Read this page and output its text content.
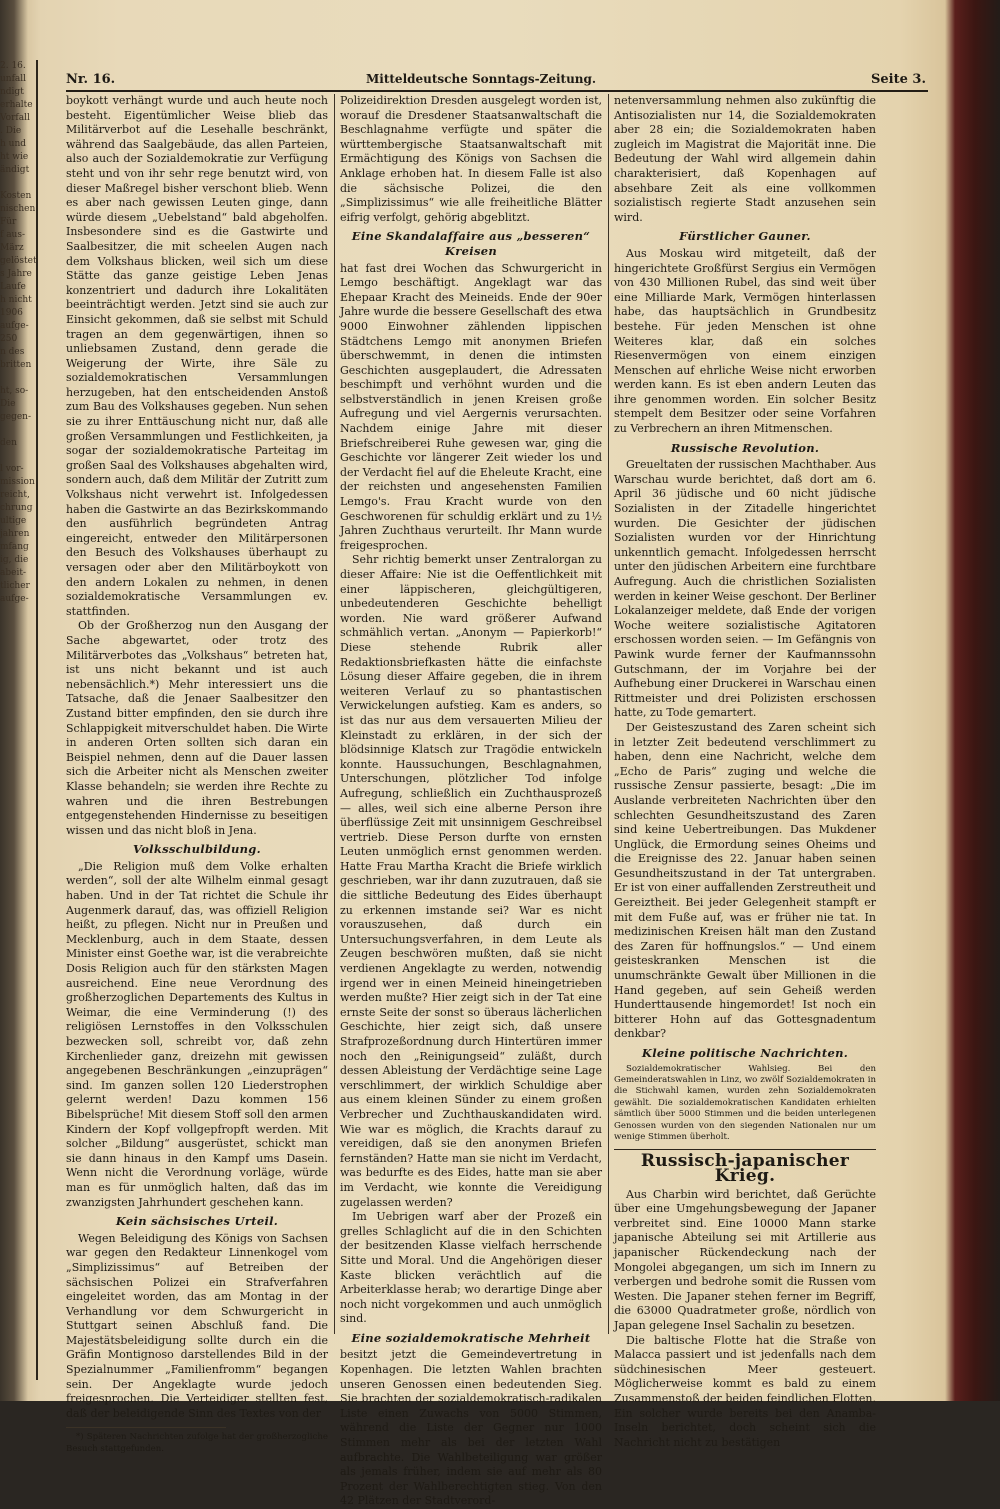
2. 16.
unfall
ndigt
erhalte
Vorfall
. Die
h und
ht wie
ändigt

Kosten
nischen
Für
f aus-
März
gelöstet
s Jahre
Laufe
h nicht
1906
aufge-
250
n des
britten

ht, so-
Die
gegen-

den

l vor-
mission
reicht,
chrung
ultige
jahren
mfang
ig, die
abeit-
tlicher
aufge-
Nr. 16.	Mitteldeutsche Sonntags-Zeitung.	Seite 3.

boykott verhängt wurde und auch heute noch besteht. Eigentümlicher Weise blieb das Militärverbot auf die Lesehalle beschränkt, während das Saalgebäude, das allen Parteien, also auch der Sozialdemokratie zur Verfügung steht und von ihr sehr rege benutzt wird, von dieser Maßregel bisher verschont blieb. Wenn es aber nach gewissen Leuten ginge, dann würde diesem „Uebelstand“ bald abgeholfen. Insbesondere sind es die Gastwirte und Saalbesitzer, die mit scheelen Augen nach dem Volkshaus blicken, weil sich um diese Stätte das ganze geistige Leben Jenas konzentriert und dadurch ihre Lokalitäten beeinträchtigt werden. Jetzt sind sie auch zur Einsicht gekommen, daß sie selbst mit Schuld tragen an dem gegenwärtigen, ihnen so unliebsamen Zustand, denn gerade die Weigerung der Wirte, ihre Säle zu sozialdemokratischen Versammlungen herzugeben, hat den entscheidenden Anstoß zum Bau des Volkshauses gegeben. Nun sehen sie zu ihrer Enttäuschung nicht nur, daß alle großen Versammlungen und Festlichkeiten, ja sogar der sozialdemokratische Parteitag im großen Saal des Volkshauses abgehalten wird, sondern auch, daß dem Militär der Zutritt zum Volkshaus nicht verwehrt ist. Infolgedessen haben die Gastwirte an das Bezirkskommando den ausführlich begründeten Antrag eingereicht, entweder den Militärpersonen den Besuch des Volkshauses überhaupt zu versagen oder aber den Militärboykott von den andern Lokalen zu nehmen, in denen sozialdemokratische Versammlungen ev. stattfinden.

Ob der Großherzog nun den Ausgang der Sache abgewartet, oder trotz des Militärverbotes das „Volkshaus“ betreten hat, ist uns nicht bekannt und ist auch nebensächlich.*) Mehr interessiert uns die Tatsache, daß die Jenaer Saalbesitzer den Zustand bitter empfinden, den sie durch ihre Schlappigkeit mitverschuldet haben. Die Wirte in anderen Orten sollten sich daran ein Beispiel nehmen, denn auf die Dauer lassen sich die Arbeiter nicht als Menschen zweiter Klasse behandeln; sie werden ihre Rechte zu wahren und die ihren Bestrebungen entgegenstehenden Hindernisse zu beseitigen wissen und das nicht bloß in Jena.

Volksschulbildung.

„Die Religion muß dem Volke erhalten werden“, soll der alte Wilhelm einmal gesagt haben. Und in der Tat richtet die Schule ihr Augenmerk darauf, das, was offiziell Religion heißt, zu pflegen. Nicht nur in Preußen und Mecklenburg, auch in dem Staate, dessen Minister einst Goethe war, ist die verabreichte Dosis Religion auch für den stärksten Magen ausreichend. Eine neue Verordnung des großherzoglichen Departements des Kultus in Weimar, die eine Verminderung (!) des religiösen Lernstoffes in den Volksschulen bezwecken soll, schreibt vor, daß zehn Kirchenlieder ganz, dreizehn mit gewissen angegebenen Beschränkungen „einzuprägen“ sind. Im ganzen sollen 120 Liederstrophen gelernt werden! Dazu kommen 156 Bibelsprüche! Mit diesem Stoff soll den armen Kindern der Kopf vollgepfropft werden. Mit solcher „Bildung“ ausgerüstet, schickt man sie dann hinaus in den Kampf ums Dasein. Wenn nicht die Verordnung vorläge, würde man es für unmöglich halten, daß das im zwanzigsten Jahrhundert geschehen kann.

Kein sächsisches Urteil.

Wegen Beleidigung des Königs von Sachsen war gegen den Redakteur Linnenkogel vom „Simplizissimus“ auf Betreiben der sächsischen Polizei ein Strafverfahren eingeleitet worden, das am Montag in der Verhandlung vor dem Schwurgericht in Stuttgart seinen Abschluß fand. Die Majestätsbeleidigung sollte durch ein die Gräfin Montignoso darstellendes Bild in der Spezialnummer „Familienfromm“ begangen sein. Der Angeklagte wurde jedoch freigesprochen. Die Verteidiger stellten fest, daß der beleidigende Sinn des Textes von der

*) Späteren Nachrichten zufolge hat der großherzogliche Besuch stattgefunden.

Polizeidirektion Dresden ausgelegt worden ist, worauf die Dresdener Staatsanwaltschaft die Beschlagnahme verfügte und später die württembergische Staatsanwaltschaft mit Ermächtigung des Königs von Sachsen die Anklage erhoben hat. In diesem Falle ist also die sächsische Polizei, die den „Simplizissimus“ wie alle freiheitliche Blätter eifrig verfolgt, gehörig abgeblitzt.

Eine Skandalaffaire aus „besseren“ Kreisen

hat fast drei Wochen das Schwurgericht in Lemgo beschäftigt. Angeklagt war das Ehepaar Kracht des Meineids. Ende der 90er Jahre wurde die bessere Gesellschaft des etwa 9000 Einwohner zählenden lippischen Städtchens Lemgo mit anonymen Briefen überschwemmt, in denen die intimsten Geschichten ausgeplaudert, die Adressaten beschimpft und verhöhnt wurden und die selbstverständlich in jenen Kreisen große Aufregung und viel Aergernis verursachten. Nachdem einige Jahre mit dieser Briefschreiberei Ruhe gewesen war, ging die Geschichte vor längerer Zeit wieder los und der Verdacht fiel auf die Eheleute Kracht, eine der reichsten und angesehensten Familien Lemgo's. Frau Kracht wurde von den Geschworenen für schuldig erklärt und zu 1½ Jahren Zuchthaus verurteilt. Ihr Mann wurde freigesprochen.

Sehr richtig bemerkt unser Zentralorgan zu dieser Affaire: Nie ist die Oeffentlichkeit mit einer läppischeren, gleichgültigeren, unbedeutenderen Geschichte behelligt worden. Nie ward größerer Aufwand schmählich vertan. „Anonym — Papierkorb!“ Diese stehende Rubrik aller Redaktionsbriefkasten hätte die einfachste Lösung dieser Affaire gegeben, die in ihrem weiteren Verlauf zu so phantastischen Verwickelungen aufstieg. Kam es anders, so ist das nur aus dem versauerten Milieu der Kleinstadt zu erklären, in der sich der blödsinnige Klatsch zur Tragödie entwickeln konnte. Haussuchungen, Beschlagnahmen, Unterschungen, plötzlicher Tod infolge Aufregung, schließlich ein Zuchthausprozeß — alles, weil sich eine alberne Person ihre überflüssige Zeit mit unsinnigem Geschreibsel vertrieb. Diese Person durfte von ernsten Leuten unmöglich ernst genommen werden. Hatte Frau Martha Kracht die Briefe wirklich geschrieben, war ihr dann zuzutrauen, daß sie die sittliche Bedeutung des Eides überhaupt zu erkennen imstande sei? War es nicht vorauszusehen, daß durch ein Untersuchungsverfahren, in dem Leute als Zeugen beschwören mußten, daß sie nicht verdienen Angeklagte zu werden, notwendig irgend wer in einen Meineid hineingetrieben werden mußte? Hier zeigt sich in der Tat eine ernste Seite der sonst so überaus lächerlichen Geschichte, hier zeigt sich, daß unsere Strafprozeßordnung durch Hintertüren immer noch den „Reinigungseid“ zuläßt, durch dessen Ableistung der Verdächtige seine Lage verschlimmert, der wirklich Schuldige aber aus einem kleinen Sünder zu einem großen Verbrecher und Zuchthauskandidaten wird. Wie war es möglich, die Krachts darauf zu vereidigen, daß sie den anonymen Briefen fernständen? Hatte man sie nicht im Verdacht, was bedurfte es des Eides, hatte man sie aber im Verdacht, wie konnte die Vereidigung zugelassen werden?

Im Uebrigen warf aber der Prozeß ein grelles Schlaglicht auf die in den Schichten der besitzenden Klasse vielfach herrschende Sitte und Moral. Und die Angehörigen dieser Kaste blicken verächtlich auf die Arbeiterklasse herab; wo derartige Dinge aber noch nicht vorgekommen und auch unmöglich sind.

Eine sozialdemokratische Mehrheit

besitzt jetzt die Gemeindevertretung in Kopenhagen. Die letzten Wahlen brachten unseren Genossen einen bedeutenden Sieg. Sie brachten der sozialdemokratisch-radikalen Liste einen Zuwachs von 5000 Stimmen, während die Liste der Gegner nur 1000 Stimmen mehr als bei der letzten Wahl aufbrachte. Die Wahlbeteiligung war größer als jemals früher, indem sie auf mehr als 80 Prozent der Wahlberechtigten stieg. Von den 42 Plätzen der Stadtverord-

netenversammlung nehmen also zukünftig die Antisozialisten nur 14, die Sozialdemokraten aber 28 ein; die Sozialdemokraten haben zugleich im Magistrat die Majorität inne. Die Bedeutung der Wahl wird allgemein dahin charakterisiert, daß Kopenhagen auf absehbare Zeit als eine vollkommen sozialistisch regierte Stadt anzusehen sein wird.

Fürstlicher Gauner.

Aus Moskau wird mitgeteilt, daß der hingerichtete Großfürst Sergius ein Vermögen von 430 Millionen Rubel, das sind weit über eine Milliarde Mark, Vermögen hinterlassen habe, das hauptsächlich in Grundbesitz bestehe. Für jeden Menschen ist ohne Weiteres klar, daß ein solches Riesenvermögen von einem einzigen Menschen auf ehrliche Weise nicht erworben werden kann. Es ist eben andern Leuten das ihre genommen worden. Ein solcher Besitz stempelt dem Besitzer oder seine Vorfahren zu Verbrechern an ihren Mitmenschen.

Russische Revolution.

Greueltaten der russischen Machthaber. Aus Warschau wurde berichtet, daß dort am 6. April 36 jüdische und 60 nicht jüdische Sozialisten in der Zitadelle hingerichtet wurden. Die Gesichter der jüdischen Sozialisten wurden vor der Hinrichtung unkenntlich gemacht. Infolgedessen herrscht unter den jüdischen Arbeitern eine furchtbare Aufregung. Auch die christlichen Sozialisten werden in keiner Weise geschont. Der Berliner Lokalanzeiger meldete, daß Ende der vorigen Woche weitere sozialistische Agitatoren erschossen worden seien. — Im Gefängnis von Pawink wurde ferner der Kaufmannssohn Gutschmann, der im Vorjahre bei der Aufhebung einer Druckerei in Warschau einen Rittmeister und drei Polizisten erschossen hatte, zu Tode gemartert.

Der Geisteszustand des Zaren scheint sich in letzter Zeit bedeutend verschlimmert zu haben, denn eine Nachricht, welche dem „Echo de Paris“ zuging und welche die russische Zensur passierte, besagt: „Die im Auslande verbreiteten Nachrichten über den schlechten Gesundheitszustand des Zaren sind keine Uebertreibungen. Das Mukdener Unglück, die Ermordung seines Oheims und die Ereignisse des 22. Januar haben seinen Gesundheitszustand in der Tat untergraben. Er ist von einer auffallenden Zerstreutheit und Gereiztheit. Bei jeder Gelegenheit stampft er mit dem Fuße auf, was er früher nie tat. In medizinischen Kreisen hält man den Zustand des Zaren für hoffnungslos.“ — Und einem geisteskranken Menschen ist die unumschränkte Gewalt über Millionen in die Hand gegeben, auf sein Geheiß werden Hunderttausende hingemordet! Ist noch ein bitterer Hohn auf das Gottesgnadentum denkbar?

Kleine politische Nachrichten.

Sozialdemokratischer Wahlsieg. Bei den Gemeinderatswahlen in Linz, wo zwölf Sozialdemokraten in die Stichwahl kamen, wurden zehn Sozialdemokraten gewählt. Die sozialdemokratischen Kandidaten erhielten sämtlich über 5000 Stimmen und die beiden unterlegenen Genossen wurden von den siegenden Nationalen nur um wenige Stimmen überholt.

Russisch-japanischer Krieg.

Aus Charbin wird berichtet, daß Gerüchte über eine Umgehungsbewegung der Japaner verbreitet sind. Eine 10000 Mann starke japanische Abteilung sei mit Artillerie aus japanischer Rückendeckung nach der Mongolei abgegangen, um sich im Innern zu verbergen und bedrohe somit die Russen vom Westen. Die Japaner stehen ferner im Begriff, die 63000 Quadratmeter große, nördlich von Japan gelegene Insel Sachalin zu besetzen.

Die baltische Flotte hat die Straße von Malacca passiert und ist jedenfalls nach dem südchinesischen Meer gesteuert. Möglicherweise kommt es bald zu einem Zusammenstoß der beiden feindlichen Flotten. Ein solcher wurde bereits bei den Anamba-Inseln berichtet, doch scheint sich die Nachricht nicht zu bestätigen
